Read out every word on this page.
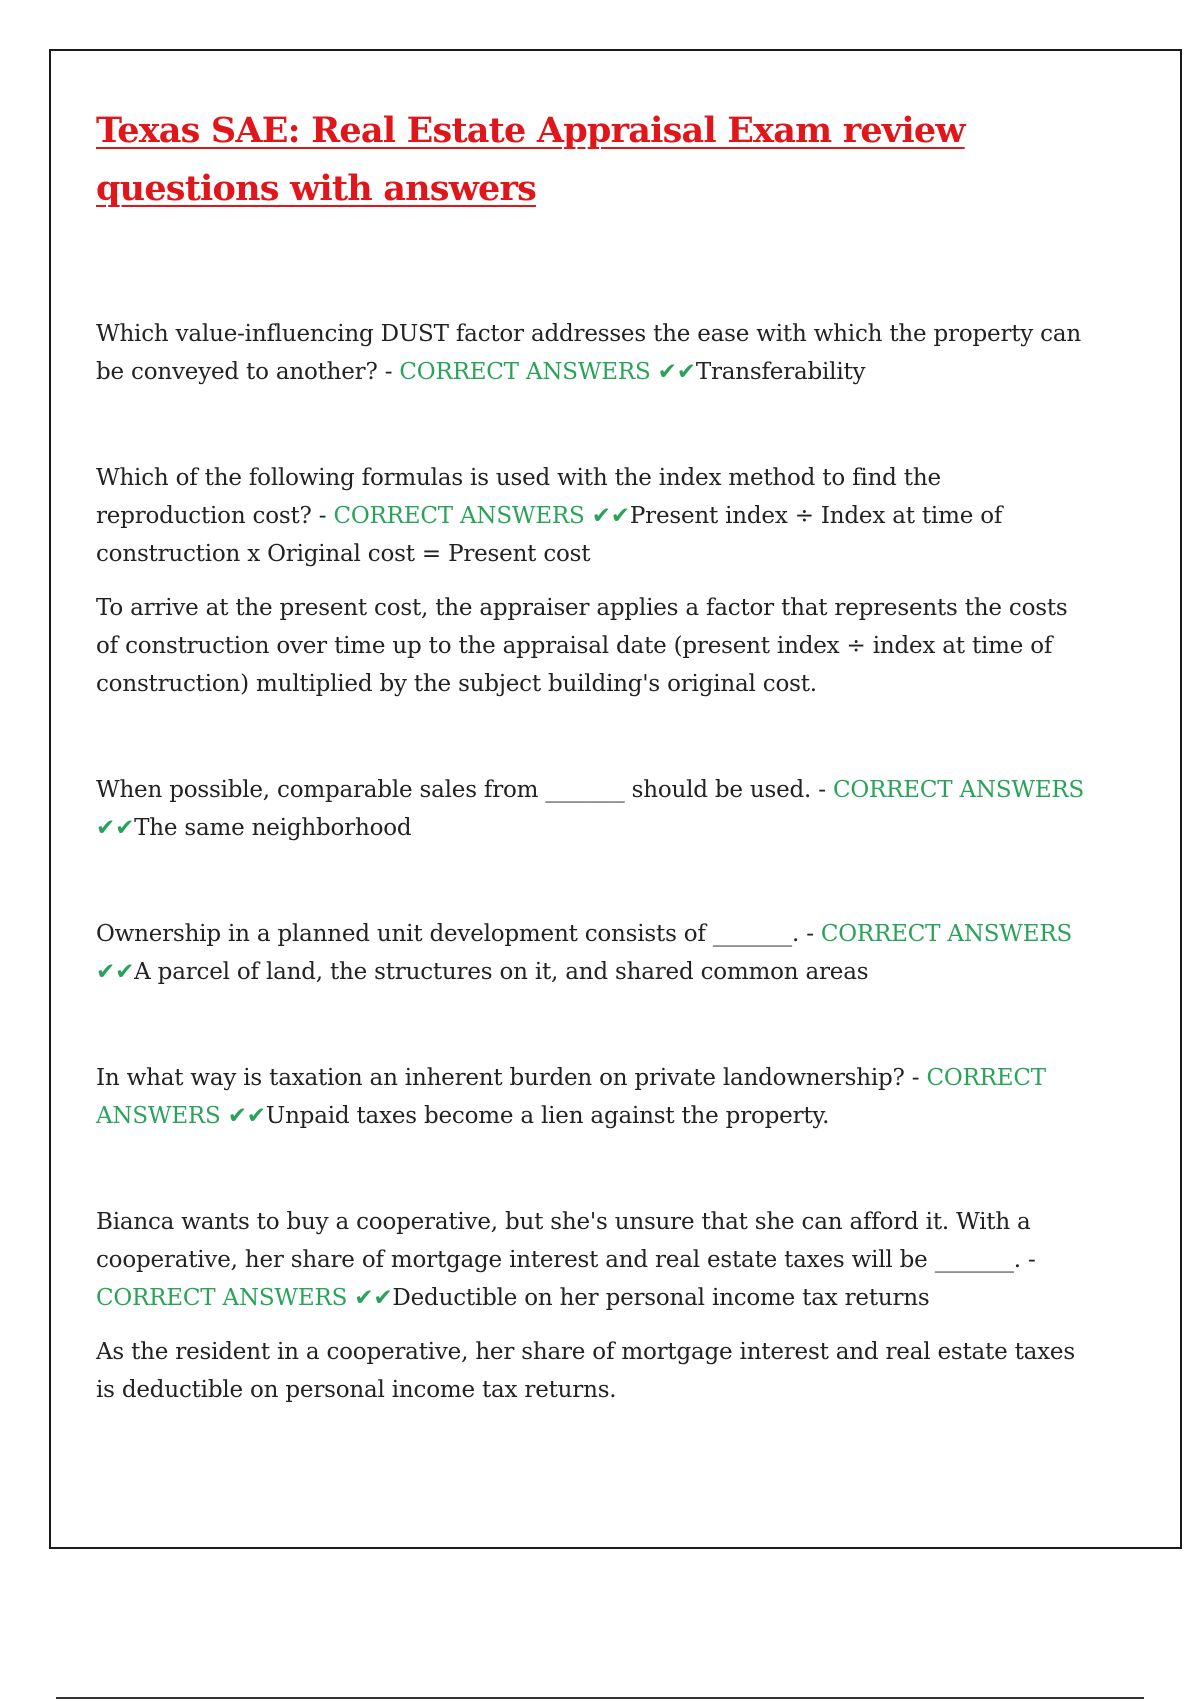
Texas SAE: Real Estate Appraisal Exam review questions with answers

Which value-influencing DUST factor addresses the ease with which the property can be conveyed to another? - CORRECT ANSWERS ✔✔Transferability

Which of the following formulas is used with the index method to find the reproduction cost? - CORRECT ANSWERS ✔✔Present index ÷ Index at time of construction x Original cost = Present cost

To arrive at the present cost, the appraiser applies a factor that represents the costs of construction over time up to the appraisal date (present index ÷ index at time of construction) multiplied by the subject building's original cost.

When possible, comparable sales from _______ should be used. - CORRECT ANSWERS ✔✔The same neighborhood

Ownership in a planned unit development consists of _______. - CORRECT ANSWERS ✔✔A parcel of land, the structures on it, and shared common areas

In what way is taxation an inherent burden on private landownership? - CORRECT ANSWERS ✔✔Unpaid taxes become a lien against the property.

Bianca wants to buy a cooperative, but she's unsure that she can afford it. With a cooperative, her share of mortgage interest and real estate taxes will be _______. - CORRECT ANSWERS ✔✔Deductible on her personal income tax returns

As the resident in a cooperative, her share of mortgage interest and real estate taxes is deductible on personal income tax returns.
